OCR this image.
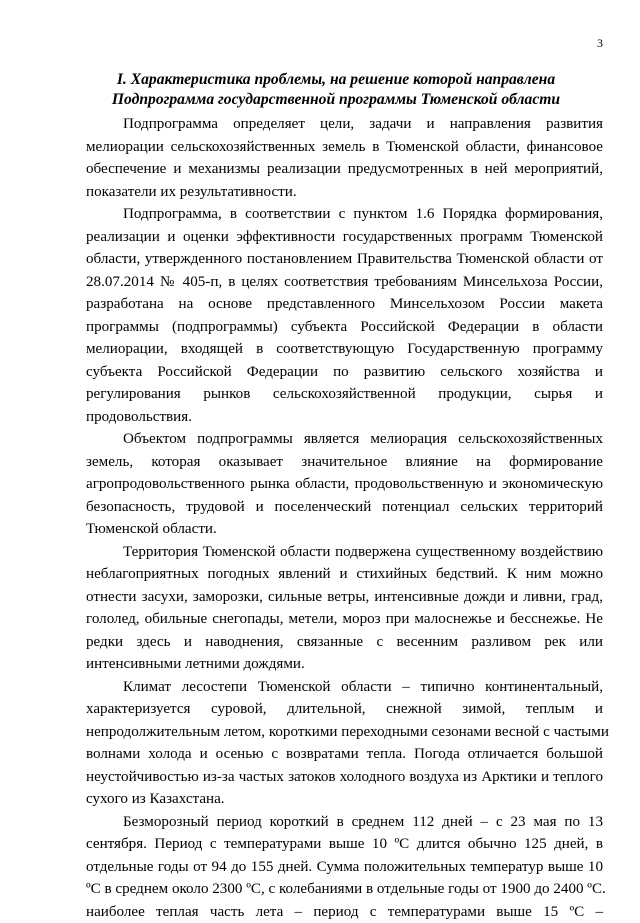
3
I. Характеристика проблемы, на решение которой направлена
Подпрограмма государственной программы Тюменской области
Подпрограмма определяет цели, задачи и направления развития
мелиорации сельскохозяйственных земель в Тюменской области, финансовое
обеспечение и механизмы реализации предусмотренных в ней мероприятий,
показатели их результативности.
Подпрограмма, в соответствии с пунктом 1.6 Порядка формирования,
реализации и оценки эффективности государственных программ Тюменской
области, утвержденного постановлением Правительства Тюменской области от
28.07.2014 № 405-п, в целях соответствия требованиям Минсельхоза России,
разработана на основе представленного Минсельхозом России макета
программы (подпрограммы) субъекта Российской Федерации в области
мелиорации, входящей в соответствующую Государственную программу
субъекта Российской Федерации по развитию сельского хозяйства и
регулирования рынков сельскохозяйственной продукции, сырья и
продовольствия.
Объектом подпрограммы является мелиорация сельскохозяйственных
земель, которая оказывает значительное влияние на формирование
агропродовольственного рынка области, продовольственную и экономическую
безопасность, трудовой и поселенческий потенциал сельских территорий
Тюменской области.
Территория Тюменской области подвержена существенному воздействию
неблагоприятных погодных явлений и стихийных бедствий. К ним можно
отнести засухи, заморозки, сильные ветры, интенсивные дожди и ливни, град,
гололед, обильные снегопады, метели, мороз при малоснежье и бесснежье. Не
редки здесь и наводнения, связанные с весенним разливом рек или
интенсивными летними дождями.
Климат лесостепи Тюменской области – типично континентальный,
характеризуется суровой, длительной, снежной зимой, теплым и
непродолжительным летом, короткими переходными сезонами весной с частыми
волнами холода и осенью с возвратами тепла. Погода отличается большой
неустойчивостью из-за частых затоков холодного воздуха из Арктики и теплого
сухого из Казахстана.
Безморозный период короткий в среднем 112 дней – с 23 мая по 13
сентября. Период с температурами выше 10 ºС длится обычно 125 дней, в
отдельные годы от 94 до 155 дней. Сумма положительных температур выше 10
ºС в среднем около 2300 ºС, с колебаниями в отдельные годы от 1900 до 2400 ºС.
наиболее теплая часть лета – период с температурами выше 15 ºС –
